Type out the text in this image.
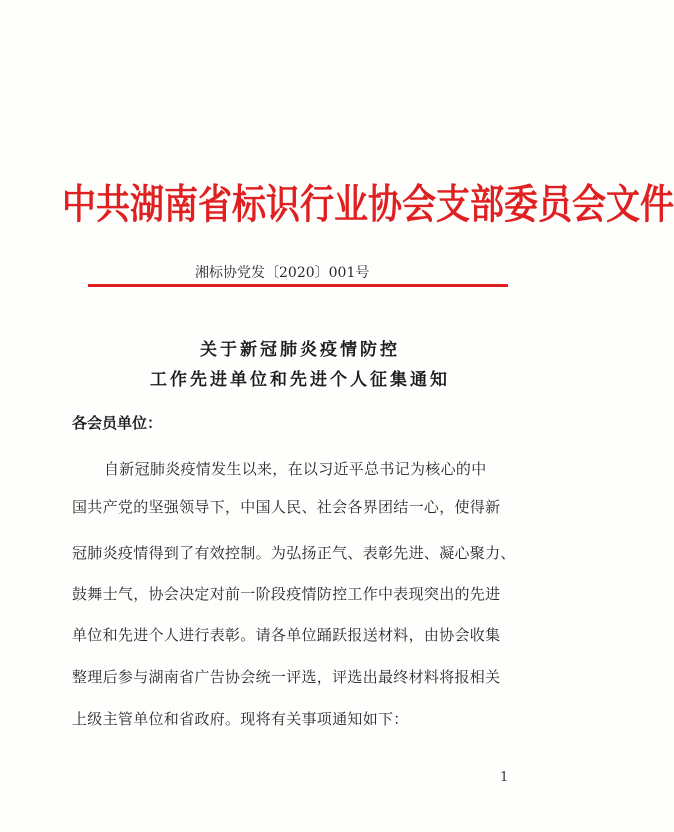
中共湖南省标识行业协会支部委员会文件
湘标协党发〔2020〕001号
关于新冠肺炎疫情防控
工作先进单位和先进个人征集通知
各会员单位：
自新冠肺炎疫情发生以来，在以习近平总书记为核心的中
国共产党的坚强领导下，中国人民、社会各界团结一心，使得新
冠肺炎疫情得到了有效控制。为弘扬正气、表彰先进、凝心聚力、
鼓舞士气，协会决定对前一阶段疫情防控工作中表现突出的先进
单位和先进个人进行表彰。请各单位踊跃报送材料，由协会收集
整理后参与湖南省广告协会统一评选，评选出最终材料将报相关
上级主管单位和省政府。现将有关事项通知如下：
1
